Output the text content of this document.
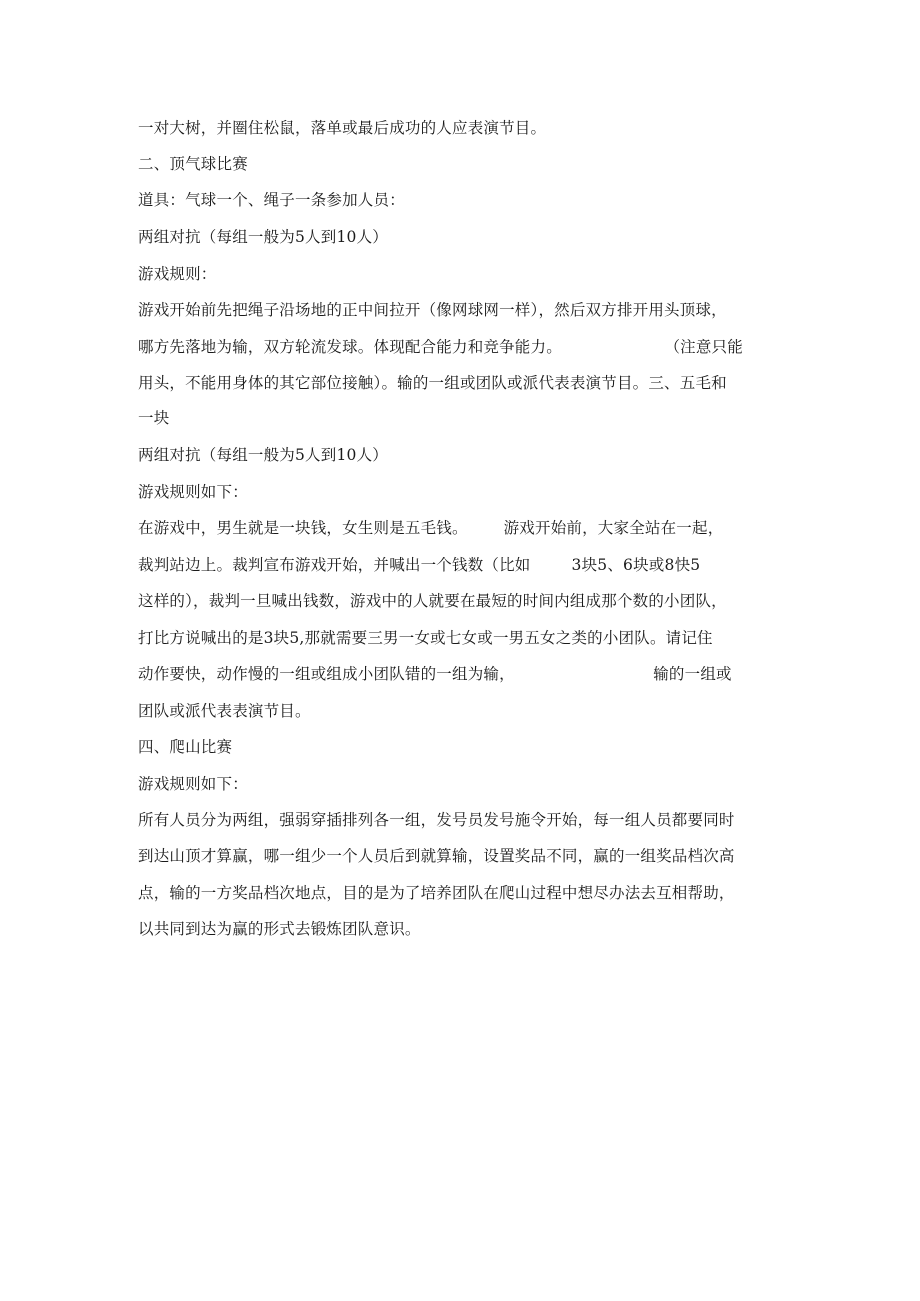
一对大树，并圈住松鼠，落单或最后成功的人应表演节目。
二、顶气球比赛
道具：气球一个、绳子一条参加人员：
两组对抗（每组一般为5人到10人）
游戏规则：
游戏开始前先把绳子沿场地的正中间拉开（像网球网一样），然后双方排开用头顶球，
哪方先落地为输，双方轮流发球。体现配合能力和竞争能力。                    （注意只能
用头，不能用身体的其它部位接触）。输的一组或团队或派代表表演节目。三、五毛和
一块
两组对抗（每组一般为5人到10人）
游戏规则如下：
在游戏中，男生就是一块钱，女生则是五毛钱。       游戏开始前，大家全站在一起，
裁判站边上。裁判宣布游戏开始，并喊出一个钱数（比如        3块5、6块或8快5
这样的），裁判一旦喊出钱数，游戏中的人就要在最短的时间内组成那个数的小团队，
打比方说喊出的是3块5,那就需要三男一女或七女或一男五女之类的小团队。请记住
动作要快，动作慢的一组或组成小团队错的一组为输，                           输的一组或
团队或派代表表演节目。
四、爬山比赛
游戏规则如下：
所有人员分为两组，强弱穿插排列各一组，发号员发号施令开始，每一组人员都要同时
到达山顶才算赢，哪一组少一个人员后到就算输，设置奖品不同，赢的一组奖品档次高
点，输的一方奖品档次地点，目的是为了培养团队在爬山过程中想尽办法去互相帮助，
以共同到达为赢的形式去锻炼团队意识。
